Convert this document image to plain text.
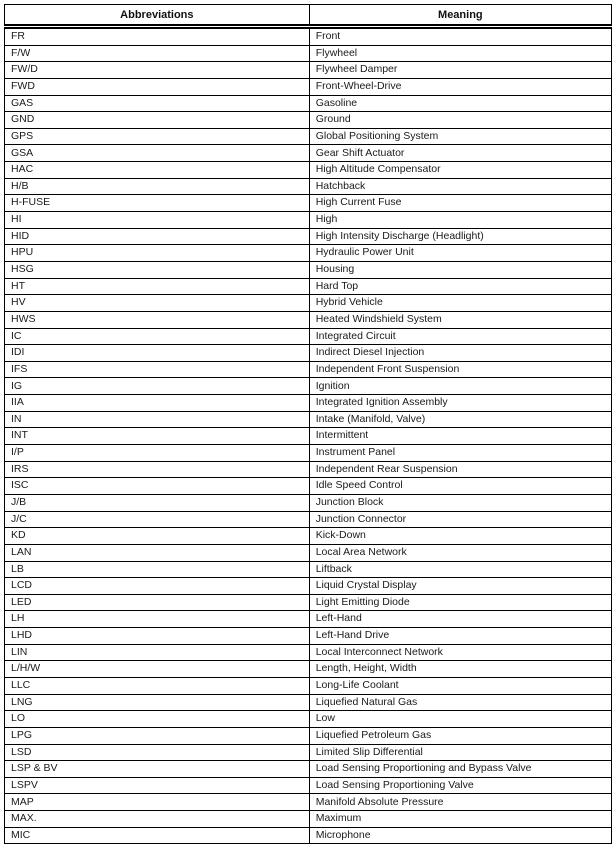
Abbreviations	Meaning
FR	Front
F/W	Flywheel
FW/D	Flywheel Damper
FWD	Front-Wheel-Drive
GAS	Gasoline
GND	Ground
GPS	Global Positioning System
GSA	Gear Shift Actuator
HAC	High Altitude Compensator
H/B	Hatchback
H-FUSE	High Current Fuse
HI	High
HID	High Intensity Discharge (Headlight)
HPU	Hydraulic Power Unit
HSG	Housing
HT	Hard Top
HV	Hybrid Vehicle
HWS	Heated Windshield System
IC	Integrated Circuit
IDI	Indirect Diesel Injection
IFS	Independent Front Suspension
IG	Ignition
IIA	Integrated Ignition Assembly
IN	Intake (Manifold, Valve)
INT	Intermittent
I/P	Instrument Panel
IRS	Independent Rear Suspension
ISC	Idle Speed Control
J/B	Junction Block
J/C	Junction Connector
KD	Kick-Down
LAN	Local Area Network
LB	Liftback
LCD	Liquid Crystal Display
LED	Light Emitting Diode
LH	Left-Hand
LHD	Left-Hand Drive
LIN	Local Interconnect Network
L/H/W	Length, Height, Width
LLC	Long-Life Coolant
LNG	Liquefied Natural Gas
LO	Low
LPG	Liquefied Petroleum Gas
LSD	Limited Slip Differential
LSP & BV	Load Sensing Proportioning and Bypass Valve
LSPV	Load Sensing Proportioning Valve
MAP	Manifold Absolute Pressure
MAX.	Maximum
MIC	Microphone
